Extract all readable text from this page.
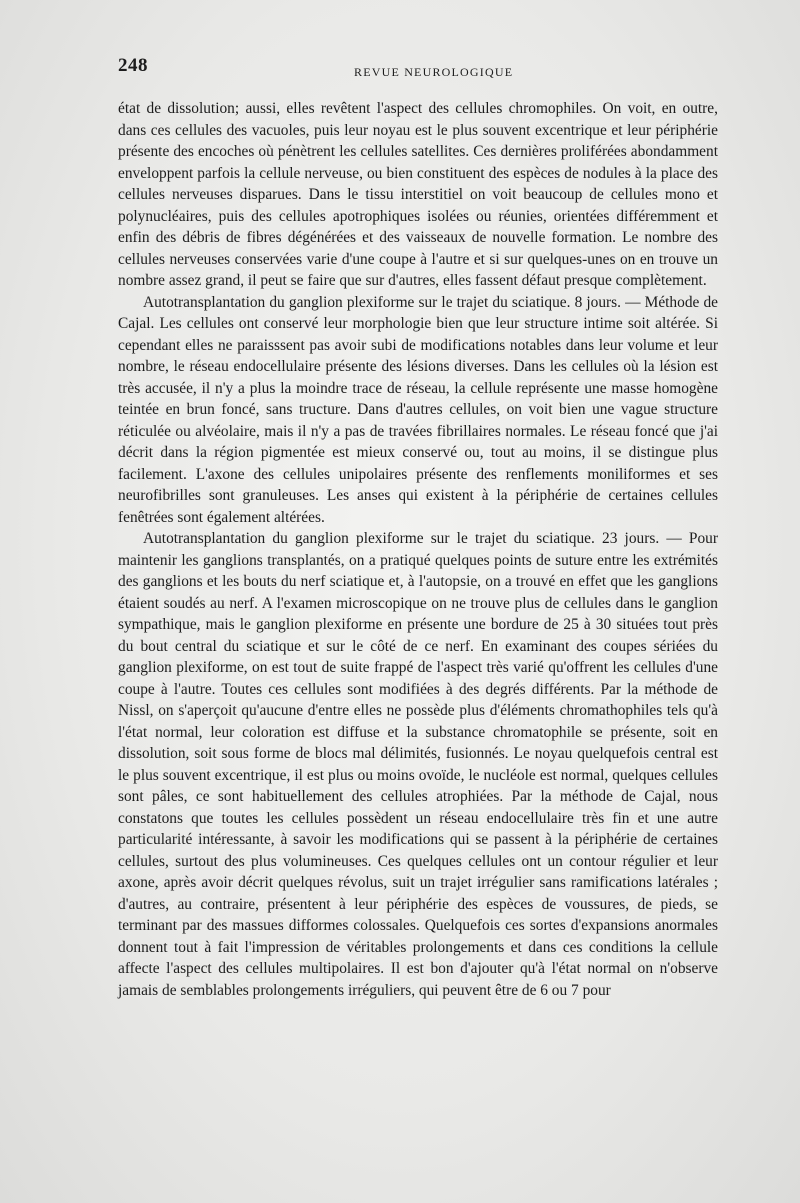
248	REVUE NEUROLOGIQUE

état de dissolution; aussi, elles revêtent l'aspect des cellules chromophiles. On voit, en outre, dans ces cellules des vacuoles, puis leur noyau est le plus souvent excentrique et leur périphérie présente des encoches où pénètrent les cellules satellites. Ces dernières proliférées abondamment enveloppent parfois la cellule nerveuse, ou bien constituent des espèces de nodules à la place des cellules nerveuses disparues. Dans le tissu interstitiel on voit beaucoup de cellules mono et polynucléaires, puis des cellules apotrophiques isolées ou réunies, orientées différemment et enfin des débris de fibres dégénérées et des vaisseaux de nouvelle formation. Le nombre des cellules nerveuses conservées varie d'une coupe à l'autre et si sur quelques-unes on en trouve un nombre assez grand, il peut se faire que sur d'autres, elles fassent défaut presque complètement.

Autotransplantation du ganglion plexiforme sur le trajet du sciatique. 8 jours. — Méthode de Cajal. Les cellules ont conservé leur morphologie bien que leur structure intime soit altérée. Si cependant elles ne paraisssent pas avoir subi de modifications notables dans leur volume et leur nombre, le réseau endocellulaire présente des lésions diverses. Dans les cellules où la lésion est très accusée, il n'y a plus la moindre trace de réseau, la cellule représente une masse homogène teintée en brun foncé, sans tructure. Dans d'autres cellules, on voit bien une vague structure réticulée ou alvéolaire, mais il n'y a pas de travées fibrillaires normales. Le réseau foncé que j'ai décrit dans la région pigmentée est mieux conservé ou, tout au moins, il se distingue plus facilement. L'axone des cellules unipolaires présente des renflements moniliformes et ses neurofibrilles sont granuleuses. Les anses qui existent à la périphérie de certaines cellules fenêtrées sont également altérées.

Autotransplantation du ganglion plexiforme sur le trajet du sciatique. 23 jours. — Pour maintenir les ganglions transplantés, on a pratiqué quelques points de suture entre les extrémités des ganglions et les bouts du nerf sciatique et, à l'autopsie, on a trouvé en effet que les ganglions étaient soudés au nerf. A l'examen microscopique on ne trouve plus de cellules dans le ganglion sympathique, mais le ganglion plexiforme en présente une bordure de 25 à 30 situées tout près du bout central du sciatique et sur le côté de ce nerf. En examinant des coupes sériées du ganglion plexiforme, on est tout de suite frappé de l'aspect très varié qu'offrent les cellules d'une coupe à l'autre. Toutes ces cellules sont modifiées à des degrés différents. Par la méthode de Nissl, on s'aperçoit qu'aucune d'entre elles ne possède plus d'éléments chromathophiles tels qu'à l'état normal, leur coloration est diffuse et la substance chromatophile se présente, soit en dissolution, soit sous forme de blocs mal délimités, fusionnés. Le noyau quelquefois central est le plus souvent excentrique, il est plus ou moins ovoïde, le nucléole est normal, quelques cellules sont pâles, ce sont habituellement des cellules atrophiées. Par la méthode de Cajal, nous constatons que toutes les cellules possèdent un réseau endocellulaire très fin et une autre particularité intéressante, à savoir les modifications qui se passent à la périphérie de certaines cellules, surtout des plus volumineuses. Ces quelques cellules ont un contour régulier et leur axone, après avoir décrit quelques révolus, suit un trajet irrégulier sans ramifications latérales ; d'autres, au contraire, présentent à leur périphérie des espèces de voussures, de pieds, se terminant par des massues difformes colossales. Quelquefois ces sortes d'expansions anormales donnent tout à fait l'impression de véritables prolongements et dans ces conditions la cellule affecte l'aspect des cellules multipolaires. Il est bon d'ajouter qu'à l'état normal on n'observe jamais de semblables prolongements irréguliers, qui peuvent être de 6 ou 7 pour
